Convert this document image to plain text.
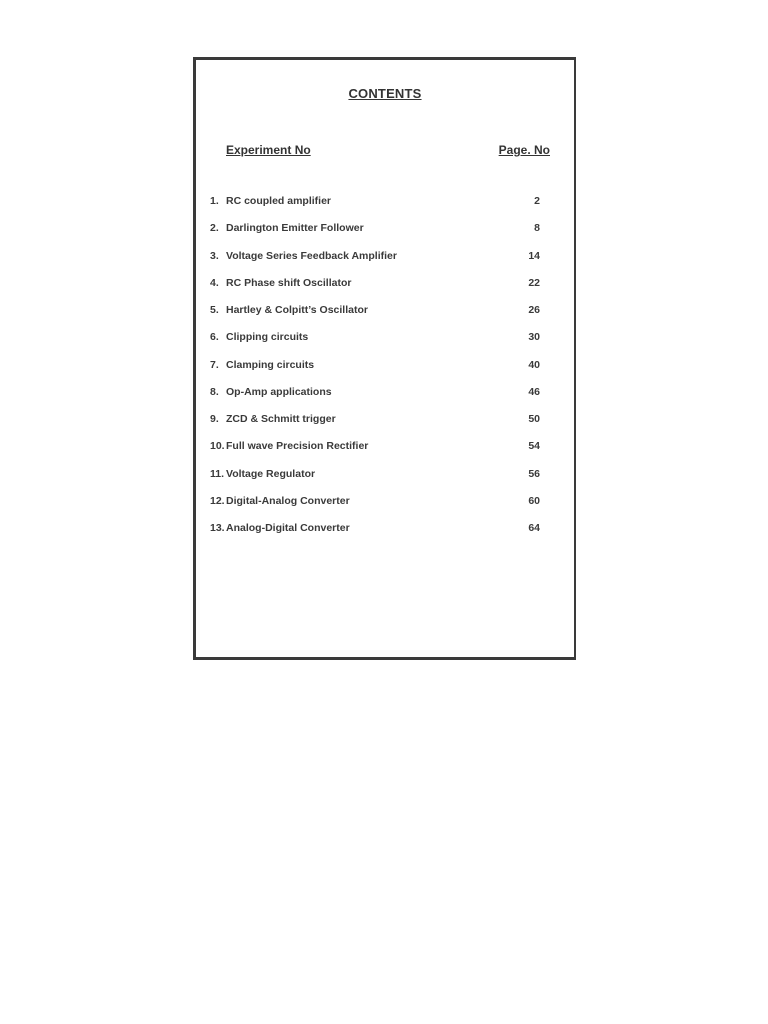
CONTENTS
Experiment No	Page. No
1. RC coupled amplifier	2
2. Darlington Emitter Follower	8
3. Voltage Series Feedback Amplifier	14
4. RC Phase shift Oscillator	22
5. Hartley & Colpitt’s Oscillator	26
6. Clipping circuits	30
7. Clamping circuits	40
8. Op-Amp applications	46
9. ZCD & Schmitt trigger	50
10. Full wave Precision Rectifier	54
11. Voltage Regulator	56
12. Digital-Analog Converter	60
13. Analog-Digital Converter	64
